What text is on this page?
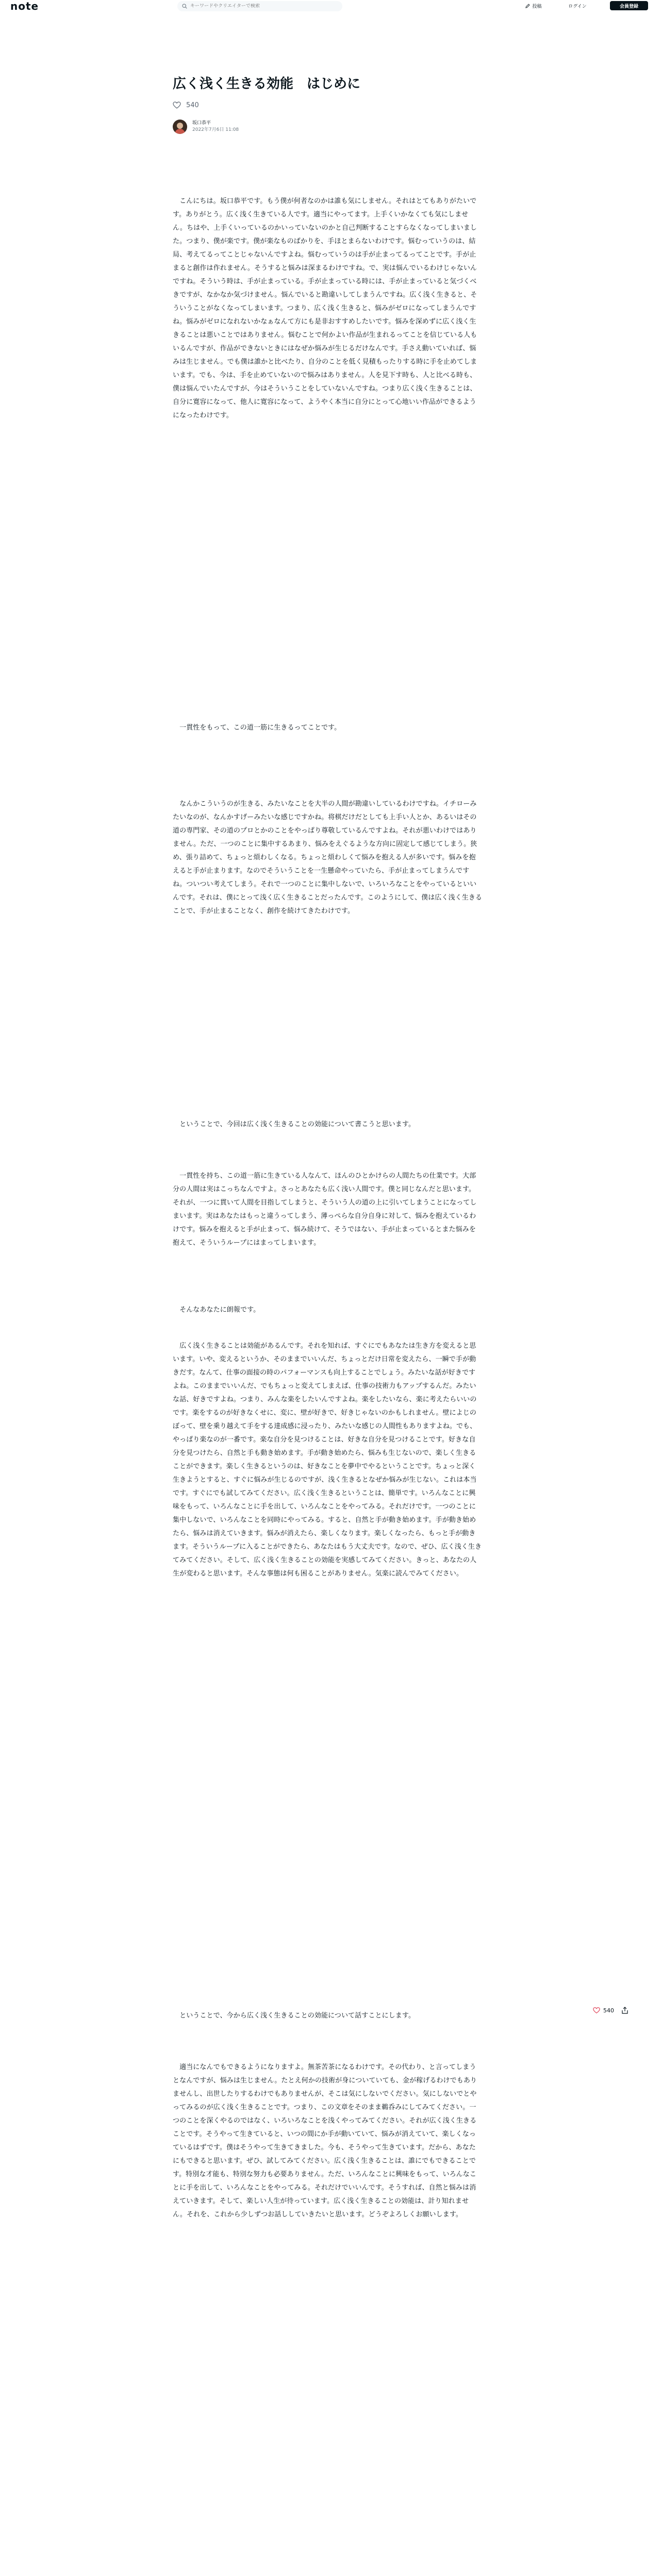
note
キーワードやクリエイターで検索	投稿	ログイン	会員登録
広く浅く生きる効能　はじめに
540
坂口恭平
2022年7月6日 11:08

　こんにちは。坂口恭平です。もう僕が何者なのかは誰も気にしません。それはとてもありがたいです。ありがとう。広く浅く生きている人です。適当にやってます。上手くいかなくても気にしません。ちはや、上手くいっているのかいっていないのかと自己判断することすらなくなってしまいました。つまり、僕が楽です。僕が楽なものばかりを、手ほとまらないわけです。悩むっていうのは、結局、考えてるってことじゃないんですよね。悩むっていうのは手が止まってるってことです。手が止まると創作は作れません。そうすると悩みは深まるわけですね。で、実は悩んでいるわけじゃないんですね。そういう時は、手が止まっている。手が止まっている時には、手が止まっていると気づくべきですが、なかなか気づけません。悩んでいると勘違いしてしまうんですね。広く浅く生きると、そういうことがなくなってしまいます。つまり、広く浅く生きると、悩みがゼロになってしまうんですね。悩みがゼロになれないかなぁなんて方にも是非おすすめしたいです。悩みを深めずに広く浅く生きることは悪いことではありません。悩むことで何かよい作品が生まれるってことを信じている人もいるんですが、作品ができないときにはなぜか悩みが生じるだけなんです。手さえ動いていれば、悩みは生じません。でも僕は誰かと比べたり、自分のことを低く見積もったりする時に手を止めてしまいます。でも、今は、手を止めていないので悩みはありません。人を見下す時も、人と比べる時も、僕は悩んでいたんですが、今はそういうことをしていないんですね。つまり広く浅く生きることは、自分に寛容になって、他人に寛容になって、ようやく本当に自分にとって心地いい作品ができるようになったわけです。

　一貫性をもって、この道一筋に生きるってことです。

　なんかこういうのが生きる、みたいなことを大半の人間が勘違いしているわけですね。イチローみたいなのが、なんかすげーみたいな感じですかね。将棋だけだとしても上手い人とか、あるいはその道の専門家、その道のプロとかのことをやっぱり尊敬しているんですよね。それが悪いわけではありません。ただ、一つのことに集中するあまり、悩みをえぐるような方向に固定して感じてしまう。狭め、張り詰めて、ちょっと煩わしくなる。ちょっと煩わしくて悩みを抱える人が多いです。悩みを抱えると手が止まります。なのでそういうことを一生懸命やっていたら、手が止まってしまうんですね。ついつい考えてしまう。それで一つのことに集中しないで、いろいろなことをやっているといいんです。それは、僕にとって浅く広く生きることだったんです。このようにして、僕は広く浅く生きることで、手が止まることなく、創作を続けてきたわけです。

　ということで、今回は広く浅く生きることの効能について書こうと思います。

　一貫性を持ち、この道一筋に生きている人なんて、ほんのひとかけらの人間たちの仕業です。大部分の人間は実はこっちなんですよ。さっとあなたも広く浅い人間です。僕と同じなんだと思います。それが、一つに貫いて人間を目指してしまうと、そういう人の道の上に引いてしまうことになってしまいます。実はあなたはもっと違うってしまう、薄っぺらな自分自身に対して、悩みを抱えているわけです。悩みを抱えると手が止まって、悩み続けて、そうではない、手が止まっているとまた悩みを抱えて、そういうループにはまってしまいます。

　そんなあなたに朗報です。

　広く浅く生きることは効能があるんです。それを知れば、すぐにでもあなたは生き方を変えると思います。いや、変えるというか、そのままでいいんだ、ちょっとだけ日常を変えたら、一瞬で手が動きだす。なんて、仕事の面接の時のパフォーマンスも向上することでしょう。みたいな話が好きですよね。このままでいいんだ、でもちょっと変えてしまえば、仕事の技術力もアップするんだ。みたいな話、好きですよね。つまり、みんな楽をしたいんですよね。楽をしたいなら、楽に考えたらいいのです。楽をするのが好きなくせに、変に、壁が好きで、好きじゃないのかもしれません。壁によじのぼって、壁を乗り越えて手をする達成感に浸ったり、みたいな感じの人間性もありますよね。でも、やっぱり楽なのが一番です。楽な自分を見つけることは、好きな自分を見つけることです。好きな自分を見つけたら、自然と手も動き始めます。手が動き始めたら、悩みも生じないので、楽しく生きることができます。楽しく生きるというのは、好きなことを夢中でやるということです。ちょっと深く生きようとすると、すぐに悩みが生じるのですが、浅く生きるとなぜか悩みが生じない。これは本当です。すぐにでも試してみてください。広く浅く生きるということは、簡単です。いろんなことに興味をもって、いろんなことに手を出して、いろんなことをやってみる。それだけです。一つのことに集中しないで、いろんなことを同時にやってみる。すると、自然と手が動き始めます。手が動き始めたら、悩みは消えていきます。悩みが消えたら、楽しくなります。楽しくなったら、もっと手が動きます。そういうループに入ることができたら、あなたはもう大丈夫です。なので、ぜひ、広く浅く生きてみてください。そして、広く浅く生きることの効能を実感してみてください。きっと、あなたの人生が変わると思います。そんな事態は何も困ることがありません。気楽に読んでみてください。

　ということで、今から広く浅く生きることの効能について話すことにします。

　適当になんでもできるようになりますよ。無茶苦茶になるわけです。その代わり、と言ってしまうとなんですが、悩みは生じません。たとえ何かの技術が身についていても、金が稼げるわけでもありませんし、出世したりするわけでもありませんが、そこは気にしないでください。気にしないでとやってみるのが広く浅く生きることです。つまり、この文章をそのまま鵜呑みにしてみてください。一つのことを深くやるのではなく、いろいろなことを浅くやってみてください。それが広く浅く生きることです。そうやって生きていると、いつの間にか手が動いていて、悩みが消えていて、楽しくなっているはずです。僕はそうやって生きてきました。今も、そうやって生きています。だから、あなたにもできると思います。ぜひ、試してみてください。広く浅く生きることは、誰にでもできることです。特別な才能も、特別な努力も必要ありません。ただ、いろんなことに興味をもって、いろんなことに手を出して、いろんなことをやってみる。それだけでいいんです。そうすれば、自然と悩みは消えていきます。そして、楽しい人生が待っています。広く浅く生きることの効能は、計り知れません。それを、これから少しずつお話ししていきたいと思います。どうぞよろしくお願いします。

540
